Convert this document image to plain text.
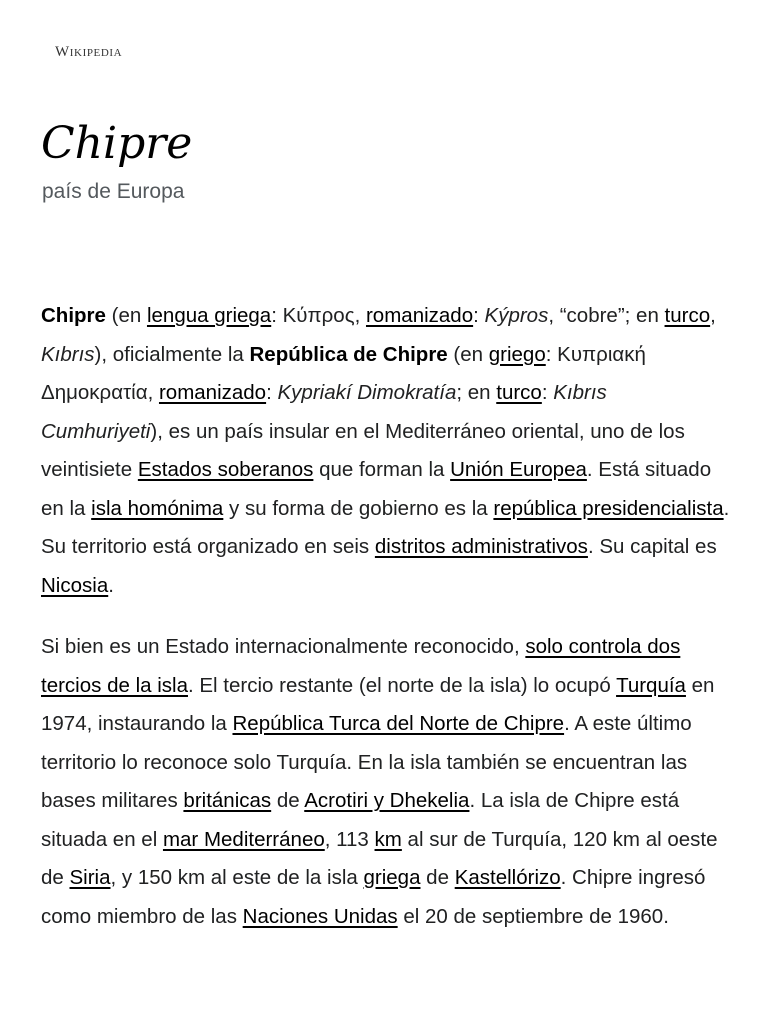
Wikipedia
Chipre
país de Europa

Chipre (en lengua griega: Κύπρος, romanizado: Kýpros, “cobre”; en turco, Kıbrıs), oficialmente la República de Chipre (en griego: Κυπριακή Δημοκρατία, romanizado: Kypriakí Dimokratía; en turco: Kıbrıs Cumhuriyeti), es un país insular en el Mediterráneo oriental, uno de los veintisiete Estados soberanos que forman la Unión Europea. Está situado en la isla homónima y su forma de gobierno es la república presidencialista. Su territorio está organizado en seis distritos administrativos. Su capital es Nicosia.

Si bien es un Estado internacionalmente reconocido, solo controla dos tercios de la isla. El tercio restante (el norte de la isla) lo ocupó Turquía en 1974, instaurando la República Turca del Norte de Chipre. A este último territorio lo reconoce solo Turquía. En la isla también se encuentran las bases militares británicas de Acrotiri y Dhekelia. La isla de Chipre está situada en el mar Mediterráneo, 113 km al sur de Turquía, 120 km al oeste de Siria, y 150 km al este de la isla griega de Kastellórizo. Chipre ingresó como miembro de las Naciones Unidas el 20 de septiembre de 1960.
